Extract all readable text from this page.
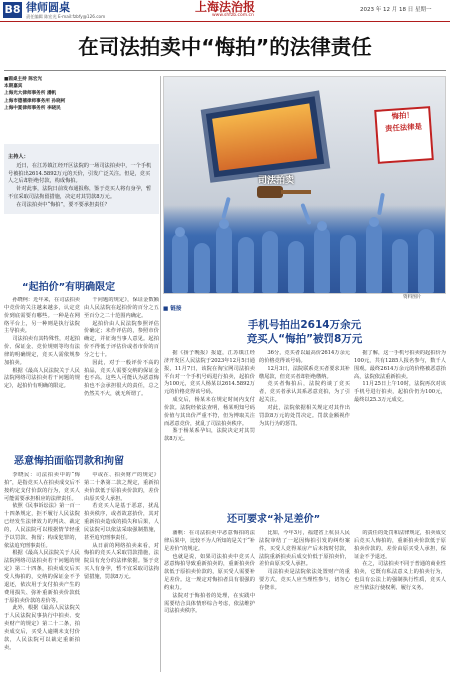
B8 律师圆桌
责任编辑 陈宏光 E-mail:fzbfy@126.com
上海法治报
www.shfzb.com.cn
2023 年 12 月 18 日 星期一
在司法拍卖中“悔拍”的法律责任
■圆桌主持 陈宏光
本期嘉宾
上海光大律师事务所 潘帆
上海市德禧律师事务所 孙晓柯
上海中夏律师事务所 李晓民

主持人：

近日，在江苏镇江经开区法院的一场司法拍卖中，一个手机号被拍出2614.5892万元的天价，引发广泛关注。但是，竞买人之后却拒绝付款，构成悔拍。

针对此事，法院日前发布通报称，鉴于竞买人将有身孕，暂不宜采取司法拘留措施，决定对其罚款8万元。

在司法拍卖中“悔拍”，要不要承担责任？

“起拍价”有明确限定

孙晓柯：近年来，在司法拍卖中竞价的关注越来越多，认定竞价到底需要有哪些。一种是在网络平台上，另一种则是执行法院主导拍卖。

司法拍卖有其特殊性，对起拍价、保证金、竞价规则等均有法律的明确规定，竞买人需依规参加拍卖。

根据《最高人民法院关于人民法院网络司法拍卖若干问题的规定》，起拍价有明确的限定。

干问题的规定》，保证金数额由人民法院在起拍价的百分之五至百分之二十范围内确定。

起拍价由人民法院参照评估价确定；未作评估的，参照市价确定，并征询当事人意见。起拍价不得低于评估价或者市价的百分之七十。

因此，对于一般评价不高的拍品，竞买人需要交纳的保证金也不高。这些人可能认为恶意悔拍也不会承担很大的责任，总之仍然关不大，就无所谓了。

恶意悔拍面临罚款和拘留

李晓民：司法拍卖中的“悔拍”，是指竞买人在拍卖成交后不按约定支付价款的行为，竞买人可能需要承担相应的法律责任。

依照《民事诉讼法》第一百一十四条规定，拒不履行人民法院已经发生法律效力的判决、裁定的，人民法院可以根据情节轻重予以罚款、拘留；构成犯罪的，依法追究刑事责任。

根据《最高人民法院关于人民法院网络司法拍卖若干问题的规定》第二十四条，拍卖成交后买受人悔拍的，交纳的保证金不予退还，依次用于支付拍卖产生的费用损失、弥补重新拍卖价款低于原拍卖价款的差价等。

此外，根据《最高人民法院关于人民法院民事执行中拍卖、变卖财产的规定》第二十二条，拍卖成交后，买受人逾期未支付价款，人民法院可以裁定重新拍卖。

中或在、拍卖财产的规定》第二十条第二款之规定，重新拍卖价款低于原拍卖价款的，差价由原买受人承担。

若竞买人是基于恶意，扰乱拍卖秩序，或者故意抬价，其对重新拍卖造成的损失和后果，人民法院可以依法采取强制措施，甚至追究刑事责任。

从日前的网络拍卖来看，对悔拍的竞买人采取罚款措施，法院具有充分的法律依据。鉴于竞买人有身孕，暂不宜采取司法拘留措施，罚款8万元。

悔拍！
责任法律是
司法拍卖
资料图片
■ 链接
手机号拍出2614万余元
竞买人“悔拍”被罚8万元

据《扬子晚报》报道，江苏镇江经济开发区人民法院于2023年12月5日通报，11月7日，该院在淘宝网司法拍卖平台对一个手机号码进行拍卖，起拍价为100元，竞买人杨某以2614.5892万元的价格竞得该号码。

成交后，杨某未在规定时间内支付价款。法院经依法查明，杨某明知号码价值与其出价严重不符，但为博取关注而恶意竞价，扰乱了司法拍卖秩序。

鉴于杨某系孕妇，法院决定对其罚款8万元。

36分，竞买者以最高价2614万余元的价格竞得该号码。

12月3日，法院联系竞买者要求其补缴尾款，但竞买者却拒绝缴纳。

竞买者悔拍后，法院约谈了竞买者，竞买者承认其系恶意竞拍，为了引起关注。

对此，法院依据相关规定对其作出罚款8万元的处罚决定。罚款金额视作为其行为的惩罚。

据了解，这一手机号拍卖的起拍价为100元，共有1285人报名参与，数千人围观。最终2614万余元的价格被恶意抬高，法院依法重新拍卖。

11月25日上午10时，法院再次对该手机号进行拍卖，起拍价仍为100元，最终以25.3万元成交。

还可要求“补足差价”

潘帆：在司法拍卖中恶意悔拍的法律后果中，比较不为人所知的是关于“补足差价”的规定。

也就是说，如果司法拍卖中竞买人恶意悔拍导致重新拍卖的，重新拍卖价款低于原拍卖价款的，原买受人需要补足差价。这一规定对悔拍者具有很强的约束力。

法院对于悔拍者的处理，在实践中需要结合具体情形综合考虑，依法维护司法拍卖秩序。

比如，今年3月，福建省上杭县人民法院审结了一起因悔拍引发的纠纷案件。买受人竞得某房产后未按时付款，法院重新拍卖后成交价低于原拍卖价，差价由原买受人承担。

司法拍卖是法院依法处置财产的重要方式，竞买人应当理性参与，切勿心存侥幸。

的责任的处罚和法律规定，拍卖成交后竞买人悔拍的，重新拍卖价款低于原拍卖价款的，差价由原买受人承担，保证金不予退还。

在之，司法拍卖不同于普通的商业性拍卖，它既有私法意义上的拍卖行为，也具有公法上的强制执行性质，竞买人应当依法行使权利、履行义务。
